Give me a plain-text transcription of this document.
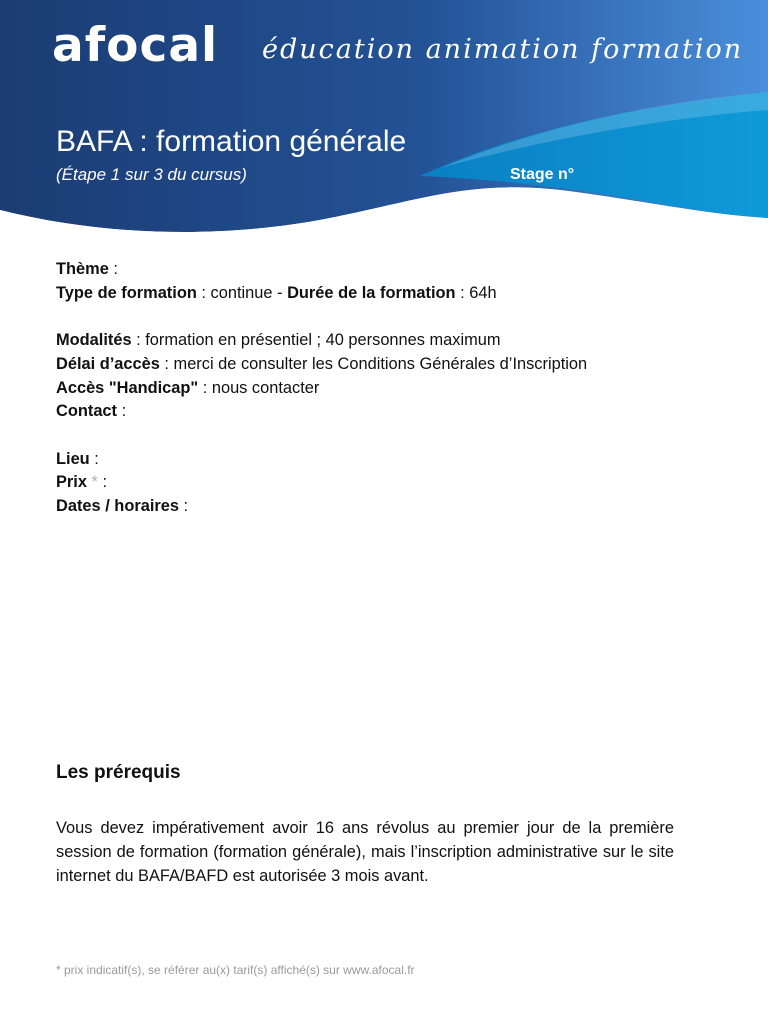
afocal éducation animation formation
BAFA : formation générale
(Étape 1 sur 3 du cursus)	Stage n°
Thème :
Type de formation : continue - Durée de la formation : 64h
Modalités : formation en présentiel ; 40 personnes maximum
Délai d’accès : merci de consulter les Conditions Générales d’Inscription
Accès "Handicap" : nous contacter
Contact :
Lieu :
Prix * :
Dates / horaires :
Les prérequis
Vous devez impérativement avoir 16 ans révolus au premier jour de la première session de formation (formation générale), mais l’inscription administrative sur le site internet du BAFA/BAFD est autorisée 3 mois avant.
* prix indicatif(s), se référer au(x) tarif(s) affiché(s) sur www.afocal.fr
